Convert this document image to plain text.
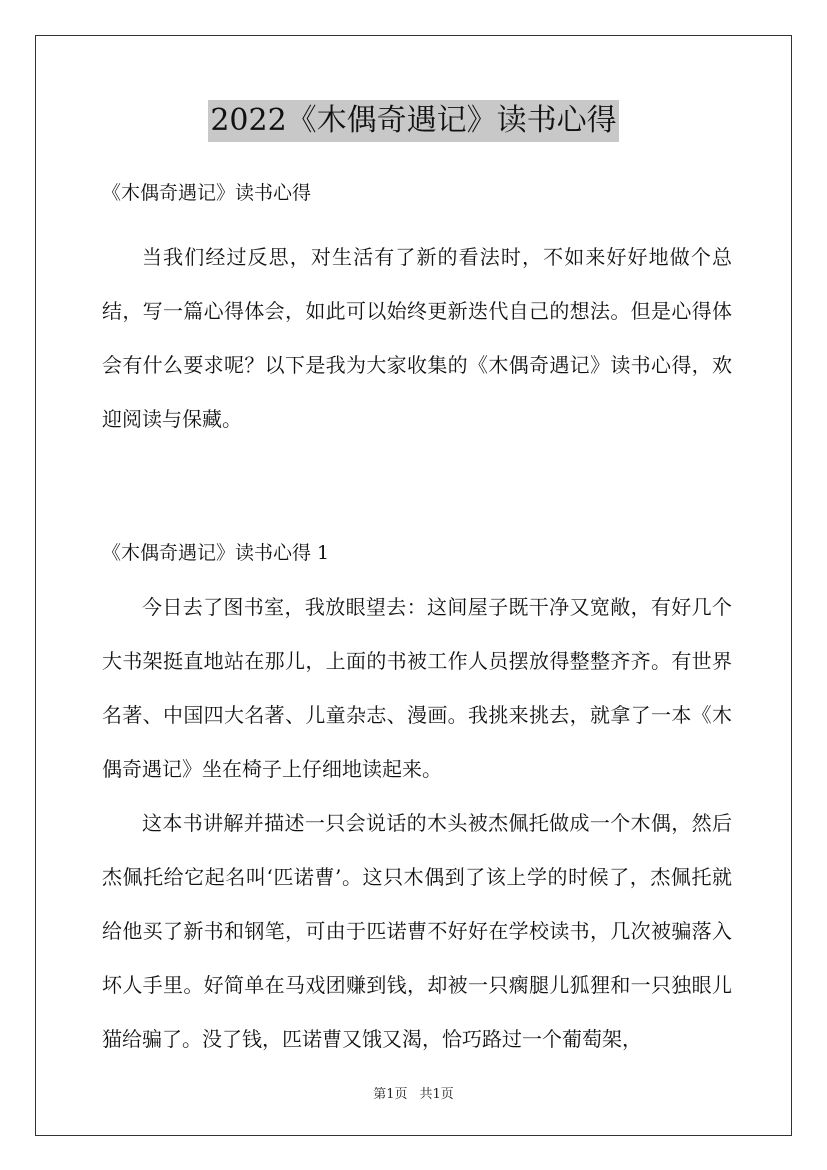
2022《木偶奇遇记》读书心得

《木偶奇遇记》读书心得

当我们经过反思，对生活有了新的看法时，不如来好好地做个总结，写一篇心得体会，如此可以始终更新迭代自己的想法。但是心得体会有什么要求呢？以下是我为大家收集的《木偶奇遇记》读书心得，欢迎阅读与保藏。

《木偶奇遇记》读书心得 1

今日去了图书室，我放眼望去：这间屋子既干净又宽敞，有好几个大书架挺直地站在那儿，上面的书被工作人员摆放得整整齐齐。有世界名著、中国四大名著、儿童杂志、漫画。我挑来挑去，就拿了一本《木偶奇遇记》坐在椅子上仔细地读起来。

这本书讲解并描述一只会说话的木头被杰佩托做成一个木偶，然后杰佩托给它起名叫‘匹诺曹’。这只木偶到了该上学的时候了，杰佩托就给他买了新书和钢笔，可由于匹诺曹不好好在学校读书，几次被骗落入坏人手里。好简单在马戏团赚到钱，却被一只瘸腿儿狐狸和一只独眼儿猫给骗了。没了钱，匹诺曹又饿又渴，恰巧路过一个葡萄架，

第1页 共1页
